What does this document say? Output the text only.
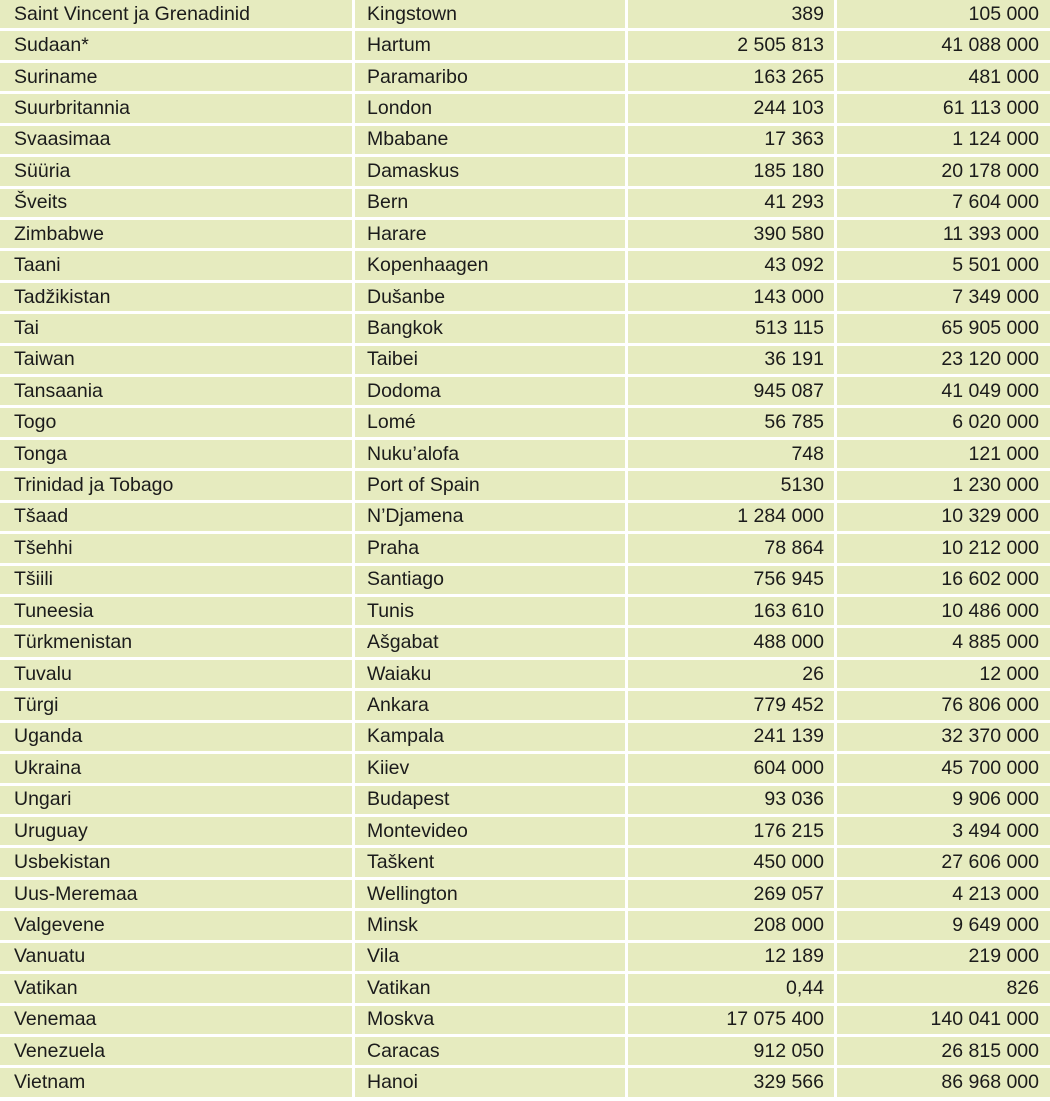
Saint Vincent ja Grenadinid	Kingstown	389	105 000
Sudaan*	Hartum	2 505 813	41 088 000
Suriname	Paramaribo	163 265	481 000
Suurbritannia	London	244 103	61 113 000
Svaasimaa	Mbabane	17 363	1 124 000
Süüria	Damaskus	185 180	20 178 000
Šveits	Bern	41 293	7 604 000
Zimbabwe	Harare	390 580	11 393 000
Taani	Kopenhaagen	43 092	5 501 000
Tadžikistan	Dušanbe	143 000	7 349 000
Tai	Bangkok	513 115	65 905 000
Taiwan	Taibei	36 191	23 120 000
Tansaania	Dodoma	945 087	41 049 000
Togo	Lomé	56 785	6 020 000
Tonga	Nuku’alofa	748	121 000
Trinidad ja Tobago	Port of Spain	5130	1 230 000
Tšaad	N’Djamena	1 284 000	10 329 000
Tšehhi	Praha	78 864	10 212 000
Tšiili	Santiago	756 945	16 602 000
Tuneesia	Tunis	163 610	10 486 000
Türkmenistan	Ašgabat	488 000	4 885 000
Tuvalu	Waiaku	26	12 000
Türgi	Ankara	779 452	76 806 000
Uganda	Kampala	241 139	32 370 000
Ukraina	Kiiev	604 000	45 700 000
Ungari	Budapest	93 036	9 906 000
Uruguay	Montevideo	176 215	3 494 000
Usbekistan	Taškent	450 000	27 606 000
Uus-Meremaa	Wellington	269 057	4 213 000
Valgevene	Minsk	208 000	9 649 000
Vanuatu	Vila	12 189	219 000
Vatikan	Vatikan	0,44	826
Venemaa	Moskva	17 075 400	140 041 000
Venezuela	Caracas	912 050	26 815 000
Vietnam	Hanoi	329 566	86 968 000
